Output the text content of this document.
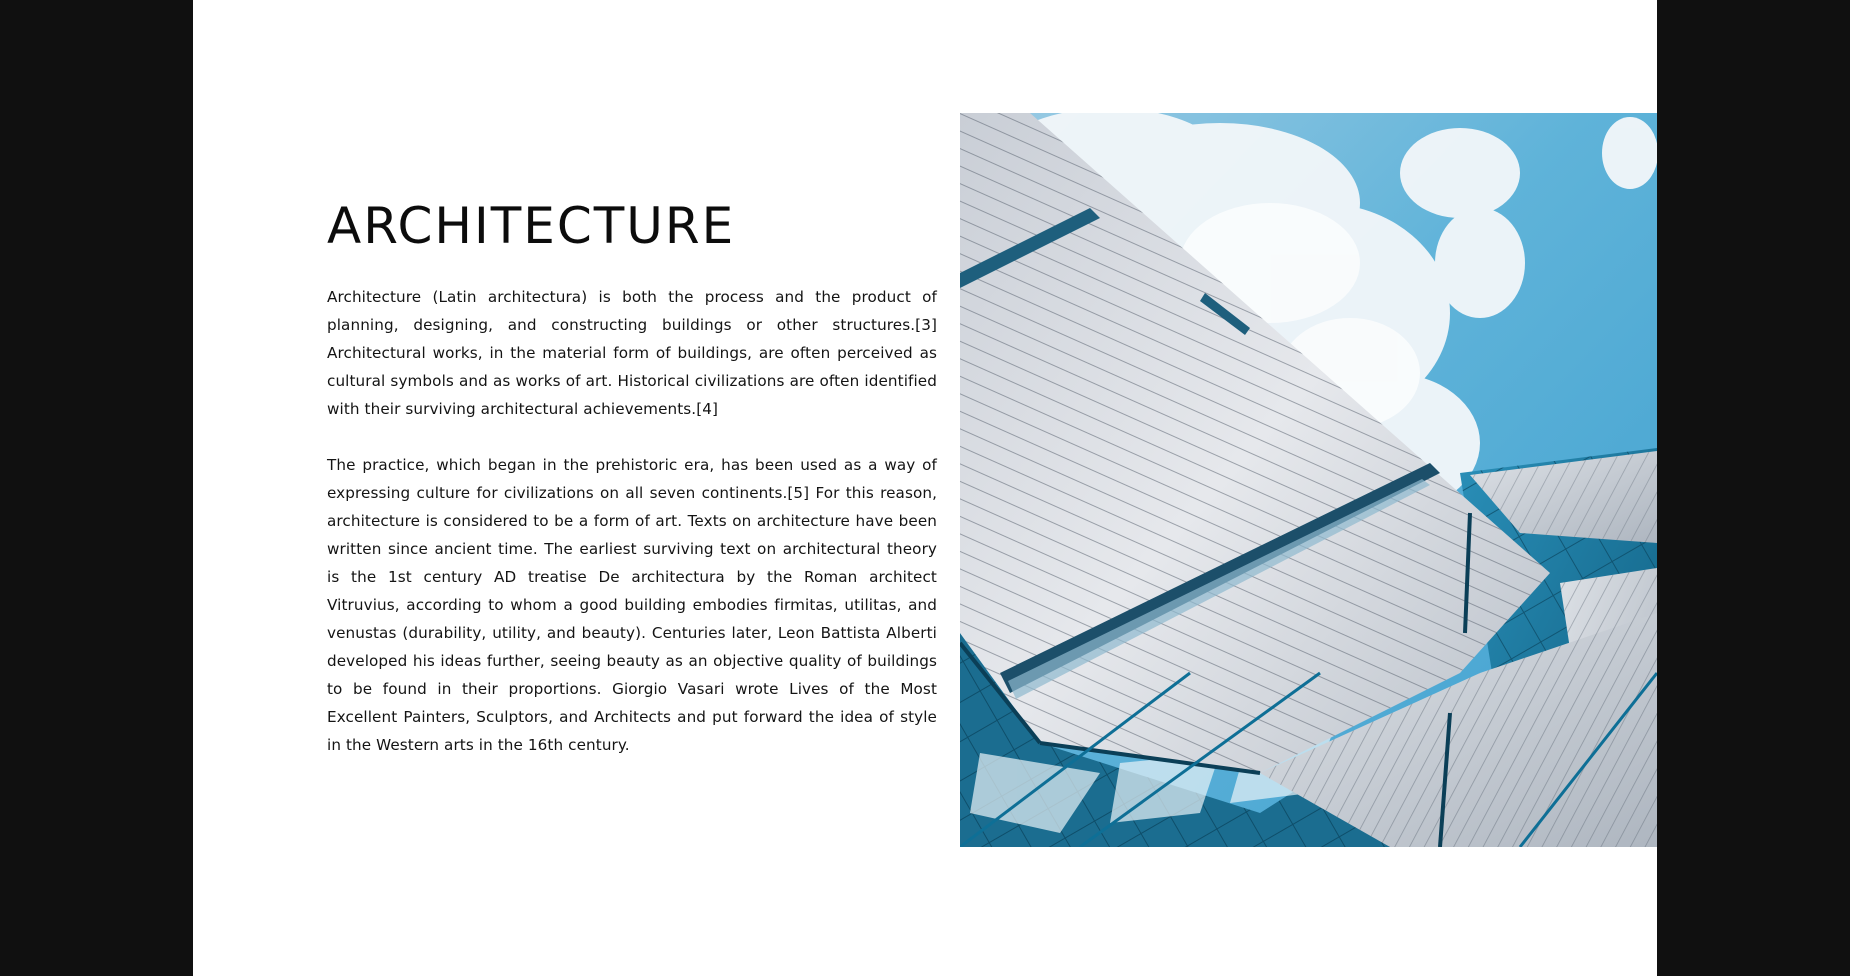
ARCHITECTURE

Architecture (Latin architectura) is both the process and the product of planning, designing, and constructing buildings or other structures.[3] Architectural works, in the material form of buildings, are often perceived as cultural symbols and as works of art. Historical civilizations are often identified with their surviving architectural achievements.[4]

The practice, which began in the prehistoric era, has been used as a way of expressing culture for civilizations on all seven continents.[5] For this reason, architecture is considered to be a form of art. Texts on architecture have been written since ancient time. The earliest surviving text on architectural theory is the 1st century AD treatise De architectura by the Roman architect Vitruvius, according to whom a good building embodies firmitas, utilitas, and venustas (durability, utility, and beauty). Centuries later, Leon Battista Alberti developed his ideas further, seeing beauty as an objective quality of buildings to be found in their proportions. Giorgio Vasari wrote Lives of the Most Excellent Painters, Sculptors, and Architects and put forward the idea of style in the Western arts in the 16th century.
